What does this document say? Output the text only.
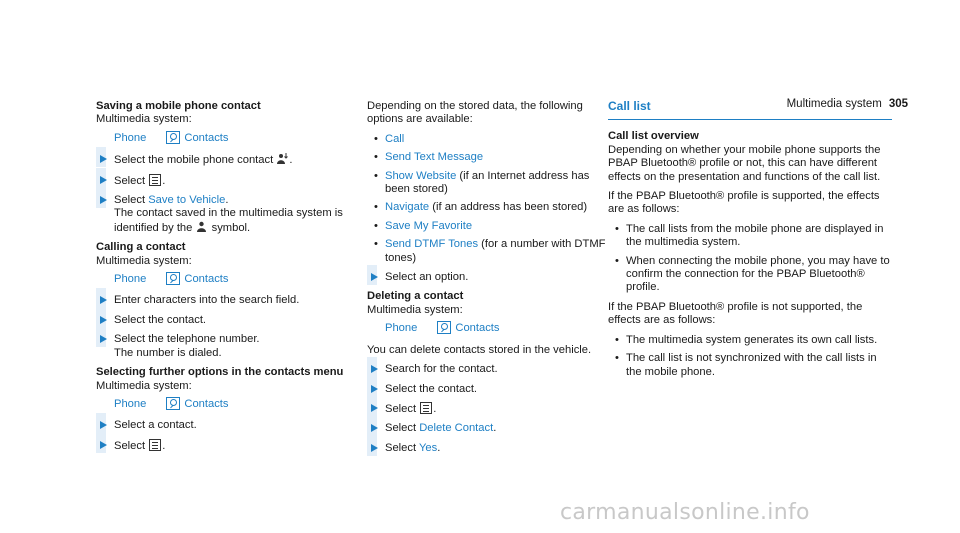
Multimedia system 305
Saving a mobile phone contact
Multimedia system:
Phone	Contacts
Select the mobile phone contact .
Select .
Select Save to Vehicle.
The contact saved in the multimedia system is identified by the symbol.
Calling a contact
Multimedia system:
Phone	Contacts
Enter characters into the search field.
Select the contact.
Select the telephone number.
The number is dialed.
Selecting further options in the contacts menu
Multimedia system:
Phone	Contacts
Select a contact.
Select .
Depending on the stored data, the following options are available:
• Call
• Send Text Message
• Show Website (if an Internet address has been stored)
• Navigate (if an address has been stored)
• Save My Favorite
• Send DTMF Tones (for a number with DTMF tones)
Select an option.
Deleting a contact
Multimedia system:
Phone	Contacts
You can delete contacts stored in the vehicle.
Search for the contact.
Select the contact.
Select .
Select Delete Contact.
Select Yes.
Call list
Call list overview
Depending on whether your mobile phone supports the PBAP Bluetooth® profile or not, this can have different effects on the presentation and functions of the call list.
If the PBAP Bluetooth® profile is supported, the effects are as follows:
• The call lists from the mobile phone are displayed in the multimedia system.
• When connecting the mobile phone, you may have to confirm the connection for the PBAP Bluetooth® profile.
If the PBAP Bluetooth® profile is not supported, the effects are as follows:
• The multimedia system generates its own call lists.
• The call list is not synchronized with the call lists in the mobile phone.
carmanualsonline.info
